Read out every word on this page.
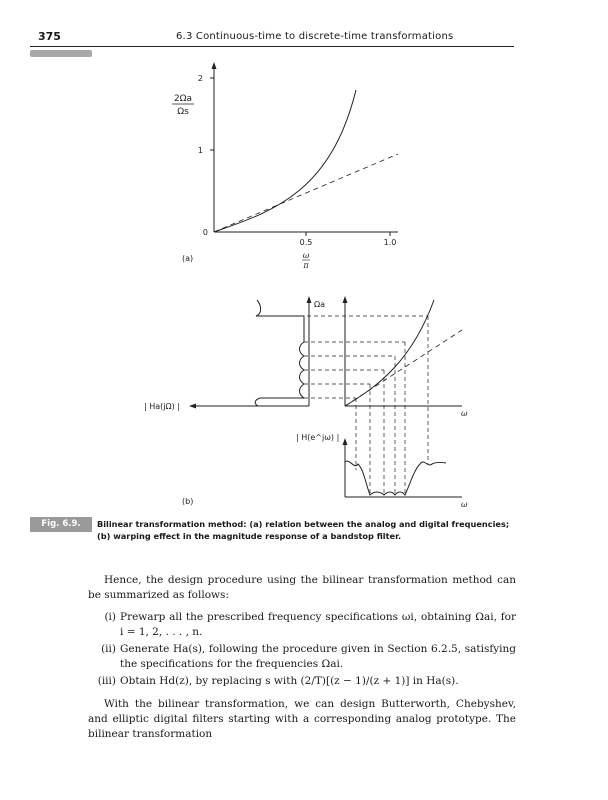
375	6.3 Continuous-time to discrete-time transformations
2
1
0
0.5	1.0
2Ωa
Ωs
ω
π
(a)
Ωa
| Ha(jΩ) |
ω
| H(e^jω) |
ω
(b)
Fig. 6.9.	Bilinear transformation method: (a) relation between the analog and digital frequencies; (b) warping effect in the magnitude response of a bandstop filter.
Hence, the design procedure using the bilinear transformation method can be summarized as follows:
(i) Prewarp all the prescribed frequency specifications ωi, obtaining Ωai, for i = 1, 2, . . . , n.
(ii) Generate Ha(s), following the procedure given in Section 6.2.5, satisfying the specifications for the frequencies Ωai.
(iii) Obtain Hd(z), by replacing s with (2/T)[(z − 1)/(z + 1)] in Ha(s).
With the bilinear transformation, we can design Butterworth, Chebyshev, and elliptic digital filters starting with a corresponding analog prototype. The bilinear transformation
